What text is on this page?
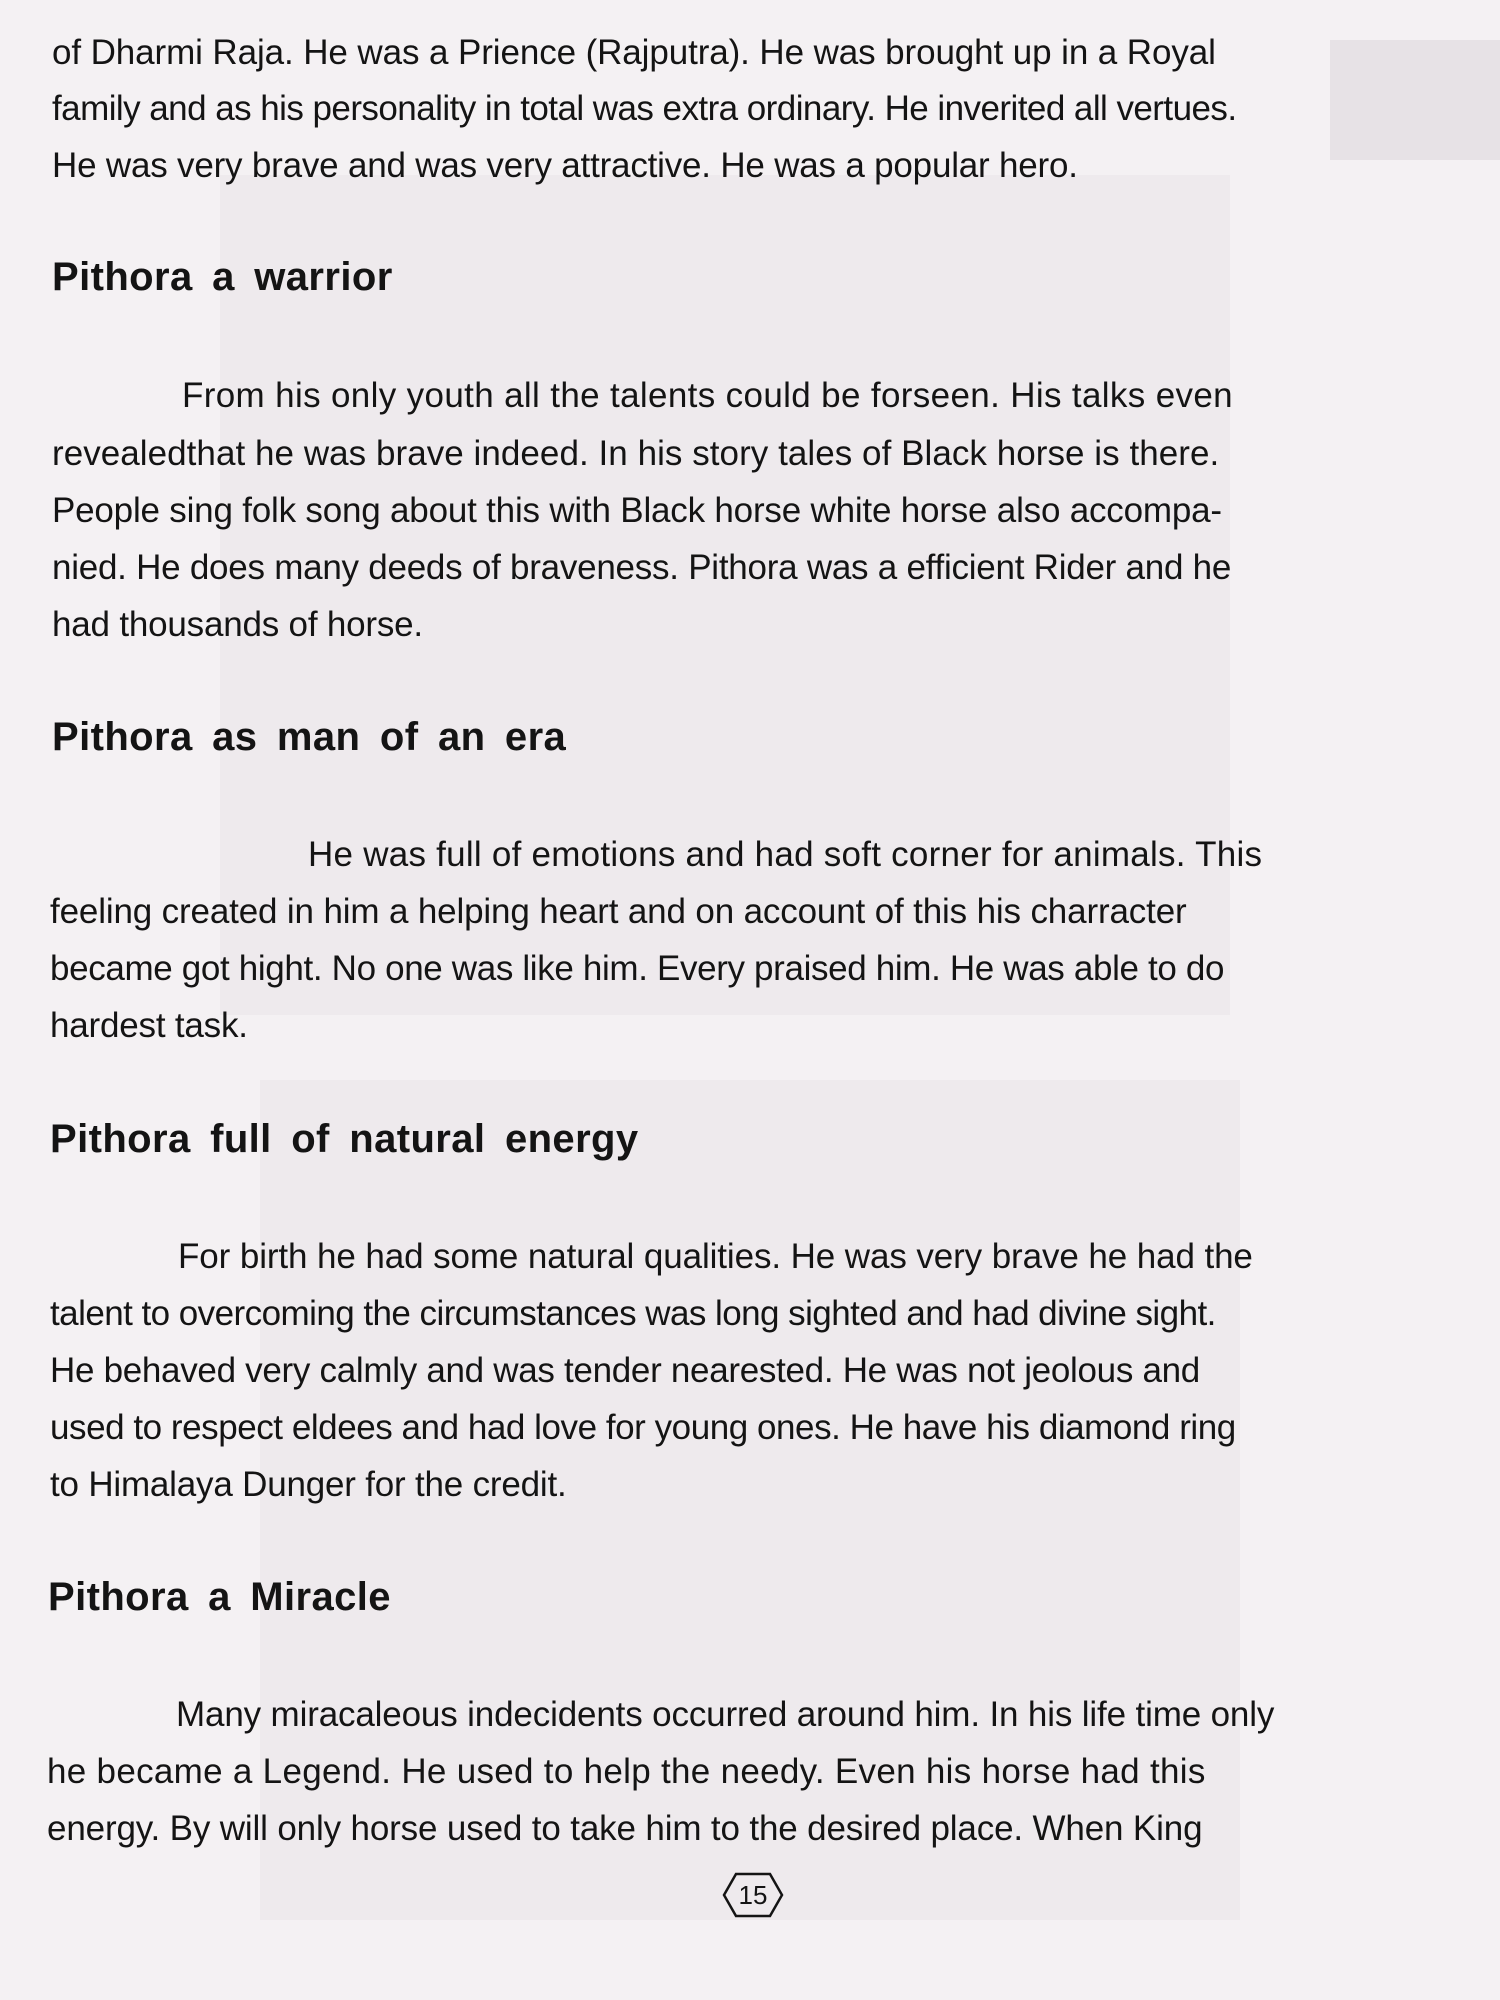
of Dharmi Raja. He was a Prience (Rajputra). He was brought up in a Royal
family and as his personality in total was extra ordinary. He inverited all vertues.
He was very brave and was very attractive. He was a popular hero.
Pithora a warrior
From his only youth all the talents could be forseen. His talks even
revealedthat he was brave indeed. In his story tales of Black horse is there.
People sing folk song about this with Black horse white horse also accompa-
nied. He does many deeds of braveness. Pithora was a efficient Rider and he
had thousands of horse.
Pithora as man of an era
He was full of emotions and had soft corner for animals. This
feeling created in him a helping heart and on account of this his charracter
became got hight. No one was like him. Every praised him. He was able to do
hardest task.
Pithora full of natural energy
For birth he had some natural qualities. He was very brave he had the
talent to overcoming the circumstances was long sighted and had divine sight.
He behaved very calmly and was tender nearested. He was not jeolous and
used to respect eldees and had love for young ones. He have his diamond ring
to Himalaya Dunger for the credit.
Pithora a Miracle
Many miracaleous indecidents occurred around him. In his life time only
he became a Legend. He used to help the needy. Even his horse had this
energy. By will only horse used to take him to the desired place. When King
15
